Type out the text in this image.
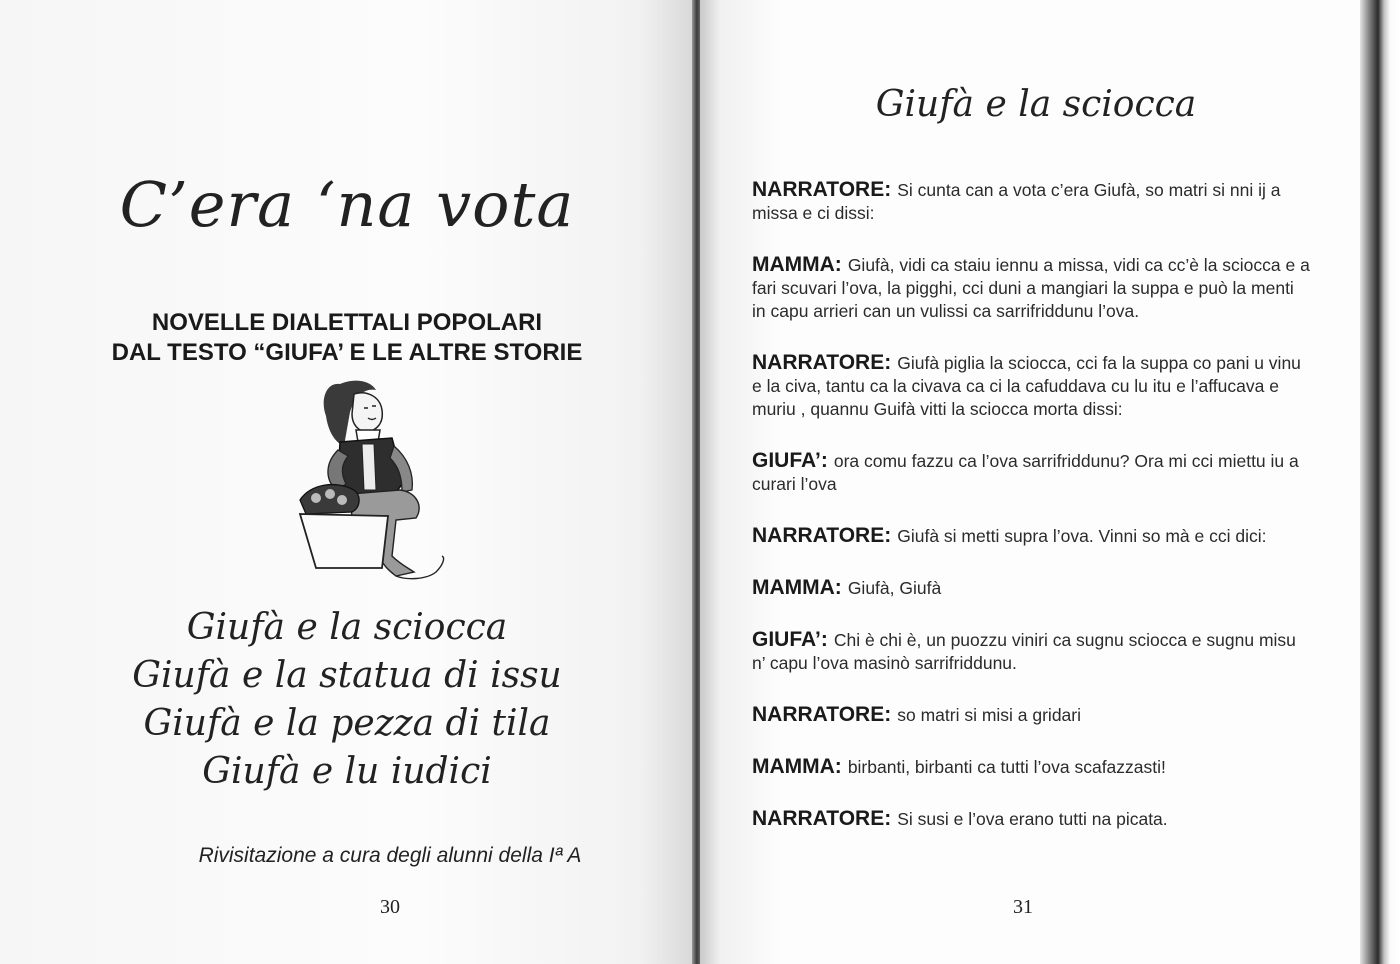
C’era ‘na vota
NOVELLE DIALETTALI POPOLARI
DAL TESTO “GIUFA’ E LE ALTRE STORIE
Giufà e la sciocca
Giufà e la statua di issu
Giufà e la pezza di tila
Giufà e lu iudici
Rivisitazione a cura degli alunni della Iª A
30
Giufà e la sciocca
NARRATORE: Si cunta can a vota c’era Giufà, so matri si nni ij a missa e ci dissi:
MAMMA: Giufà, vidi ca staiu iennu a missa, vidi ca cc’è la sciocca e a fari scuvari l’ova, la pigghi, cci duni a mangiari la suppa e può la menti in capu arrieri can un vulissi ca sarrifriddunu l’ova.
NARRATORE: Giufà piglia la sciocca, cci fa la suppa co pani u vinu e la civa, tantu ca la civava ca ci la cafuddava cu lu itu e l’affucava e muriu , quannu Guifà vitti la sciocca morta dissi:
GIUFA’: ora comu fazzu ca l’ova sarrifriddunu? Ora mi cci miettu iu a curari l’ova
NARRATORE: Giufà si metti supra l’ova. Vinni so mà e cci dici:
MAMMA: Giufà, Giufà
GIUFA’: Chi è chi è, un puozzu viniri ca sugnu sciocca e sugnu misu n’ capu l’ova masinò sarrifriddunu.
NARRATORE: so matri si misi a gridari
MAMMA: birbanti, birbanti ca tutti l’ova scafazzasti!
NARRATORE: Si susi e l’ova erano tutti na picata.
31
